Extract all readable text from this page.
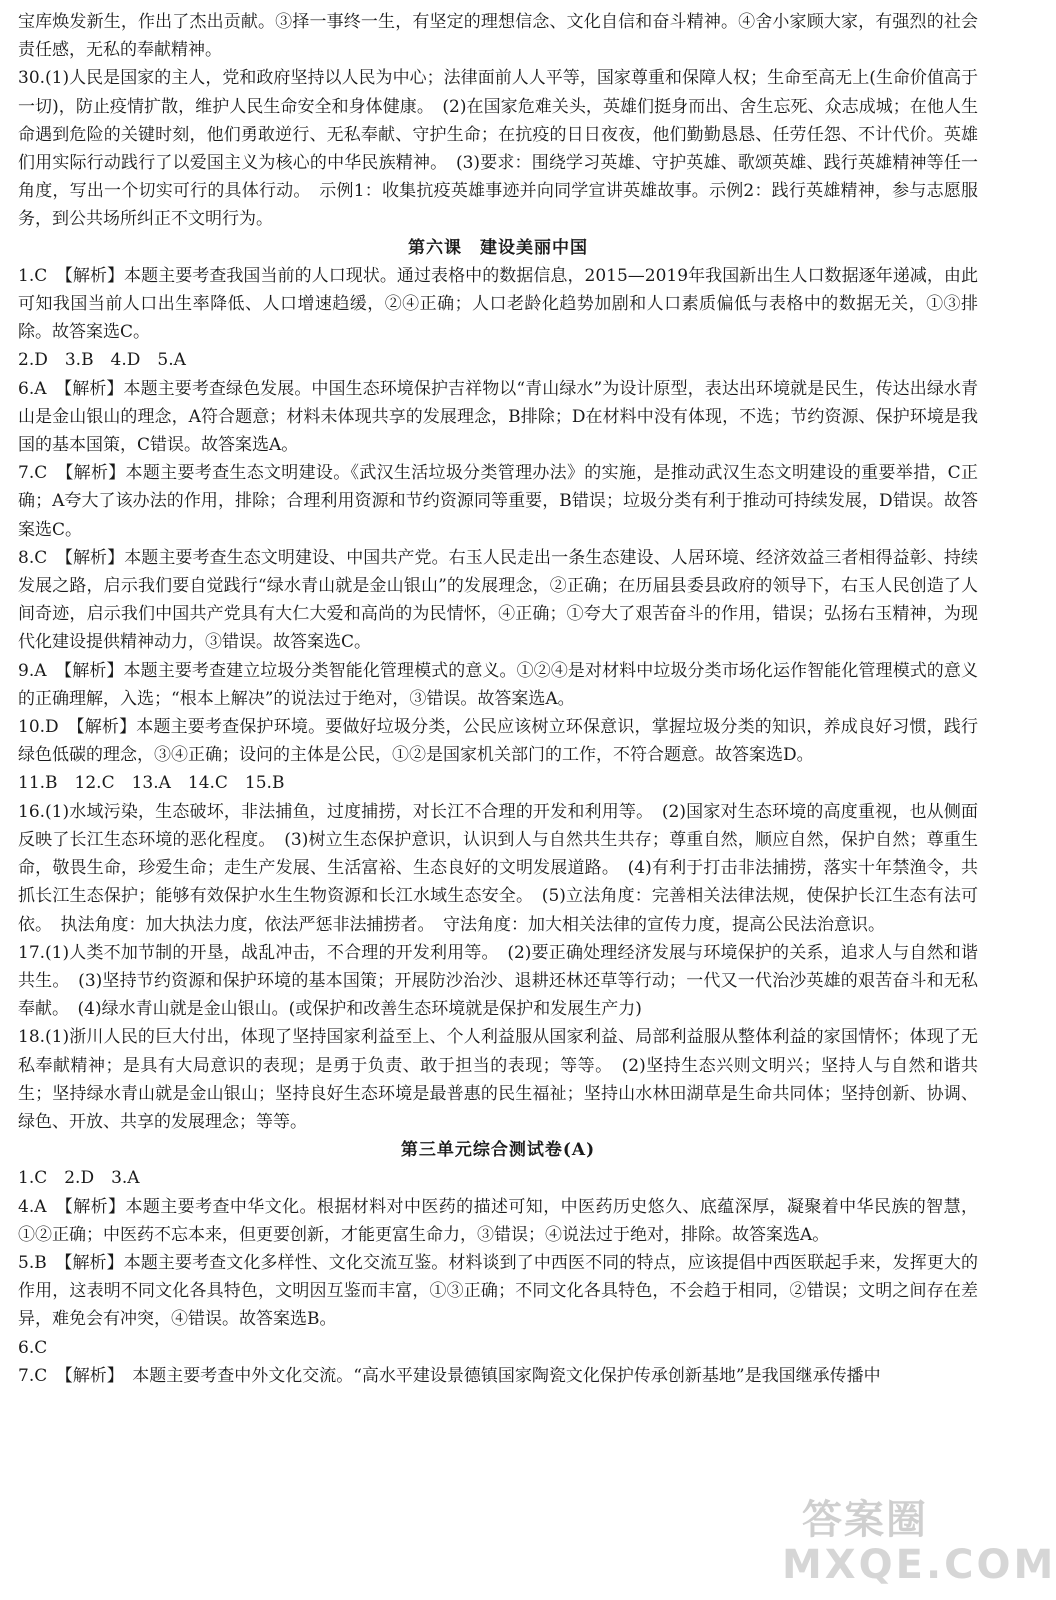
宝库焕发新生，作出了杰出贡献。③择一事终一生，有坚定的理想信念、文化自信和奋斗精神。④舍小家顾大家，有强烈的社会责任感，无私的奉献精神。

30.(1)人民是国家的主人，党和政府坚持以人民为中心；法律面前人人平等，国家尊重和保障人权；生命至高无上(生命价值高于一切)，防止疫情扩散，维护人民生命安全和身体健康。　(2)在国家危难关头，英雄们挺身而出、舍生忘死、众志成城；在他人生命遇到危险的关键时刻，他们勇敢逆行、无私奉献、守护生命；在抗疫的日日夜夜，他们勤勤恳恳、任劳任怨、不计代价。英雄们用实际行动践行了以爱国主义为核心的中华民族精神。　(3)要求：围绕学习英雄、守护英雄、歌颂英雄、践行英雄精神等任一角度，写出一个切实可行的具体行动。　示例1：收集抗疫英雄事迹并向同学宣讲英雄故事。示例2：践行英雄精神，参与志愿服务，到公共场所纠正不文明行为。

第六课　建设美丽中国

1.C　【解析】本题主要考查我国当前的人口现状。通过表格中的数据信息，2015—2019年我国新出生人口数据逐年递减，由此可知我国当前人口出生率降低、人口增速趋缓，②④正确；人口老龄化趋势加剧和人口素质偏低与表格中的数据无关，①③排除。故答案选C。

2.D　3.B　4.D　5.A

6.A　【解析】本题主要考查绿色发展。中国生态环境保护吉祥物以“青山绿水”为设计原型，表达出环境就是民生，传达出绿水青山是金山银山的理念，A符合题意；材料未体现共享的发展理念，B排除；D在材料中没有体现，不选；节约资源、保护环境是我国的基本国策，C错误。故答案选A。

7.C　【解析】本题主要考查生态文明建设。《武汉生活垃圾分类管理办法》的实施，是推动武汉生态文明建设的重要举措，C正确；A夸大了该办法的作用，排除；合理利用资源和节约资源同等重要，B错误；垃圾分类有利于推动可持续发展，D错误。故答案选C。

8.C　【解析】本题主要考查生态文明建设、中国共产党。右玉人民走出一条生态建设、人居环境、经济效益三者相得益彰、持续发展之路，启示我们要自觉践行“绿水青山就是金山银山”的发展理念，②正确；在历届县委县政府的领导下，右玉人民创造了人间奇迹，启示我们中国共产党具有大仁大爱和高尚的为民情怀，④正确；①夸大了艰苦奋斗的作用，错误；弘扬右玉精神，为现代化建设提供精神动力，③错误。故答案选C。

9.A　【解析】本题主要考查建立垃圾分类智能化管理模式的意义。①②④是对材料中垃圾分类市场化运作智能化管理模式的意义的正确理解，入选；“根本上解决”的说法过于绝对，③错误。故答案选A。

10.D　【解析】本题主要考查保护环境。要做好垃圾分类，公民应该树立环保意识，掌握垃圾分类的知识，养成良好习惯，践行绿色低碳的理念，③④正确；设问的主体是公民，①②是国家机关部门的工作，不符合题意。故答案选D。

11.B　12.C　13.A　14.C　15.B

16.(1)水域污染，生态破坏，非法捕鱼，过度捕捞，对长江不合理的开发和利用等。　(2)国家对生态环境的高度重视，也从侧面反映了长江生态环境的恶化程度。　(3)树立生态保护意识，认识到人与自然共生共存；尊重自然，顺应自然，保护自然；尊重生命，敬畏生命，珍爱生命；走生产发展、生活富裕、生态良好的文明发展道路。　(4)有利于打击非法捕捞，落实十年禁渔令，共抓长江生态保护；能够有效保护水生生物资源和长江水域生态安全。　(5)立法角度：完善相关法律法规，使保护长江生态有法可依。　执法角度：加大执法力度，依法严惩非法捕捞者。　守法角度：加大相关法律的宣传力度，提高公民法治意识。

17.(1)人类不加节制的开垦，战乱冲击，不合理的开发利用等。　(2)要正确处理经济发展与环境保护的关系，追求人与自然和谐共生。　(3)坚持节约资源和保护环境的基本国策；开展防沙治沙、退耕还林还草等行动；一代又一代治沙英雄的艰苦奋斗和无私奉献。　(4)绿水青山就是金山银山。(或保护和改善生态环境就是保护和发展生产力)

18.(1)浙川人民的巨大付出，体现了坚持国家利益至上、个人利益服从国家利益、局部利益服从整体利益的家国情怀；体现了无私奉献精神；是具有大局意识的表现；是勇于负责、敢于担当的表现；等等。　(2)坚持生态兴则文明兴；坚持人与自然和谐共生；坚持绿水青山就是金山银山；坚持良好生态环境是最普惠的民生福祉；坚持山水林田湖草是生命共同体；坚持创新、协调、绿色、开放、共享的发展理念；等等。

第三单元综合测试卷(A)

1.C　2.D　3.A

4.A　【解析】本题主要考查中华文化。根据材料对中医药的描述可知，中医药历史悠久、底蕴深厚，凝聚着中华民族的智慧，①②正确；中医药不忘本来，但更要创新，才能更富生命力，③错误；④说法过于绝对，排除。故答案选A。

5.B　【解析】本题主要考查文化多样性、文化交流互鉴。材料谈到了中西医不同的特点，应该提倡中西医联起手来，发挥更大的作用，这表明不同文化各具特色，文明因互鉴而丰富，①③正确；不同文化各具特色，不会趋于相同，②错误；文明之间存在差异，难免会有冲突，④错误。故答案选B。

6.C

7.C　【解析】　本题主要考查中外文化交流。“高水平建设景德镇国家陶瓷文化保护传承创新基地”是我国继承传播中

答案圈
MXQE.COM
